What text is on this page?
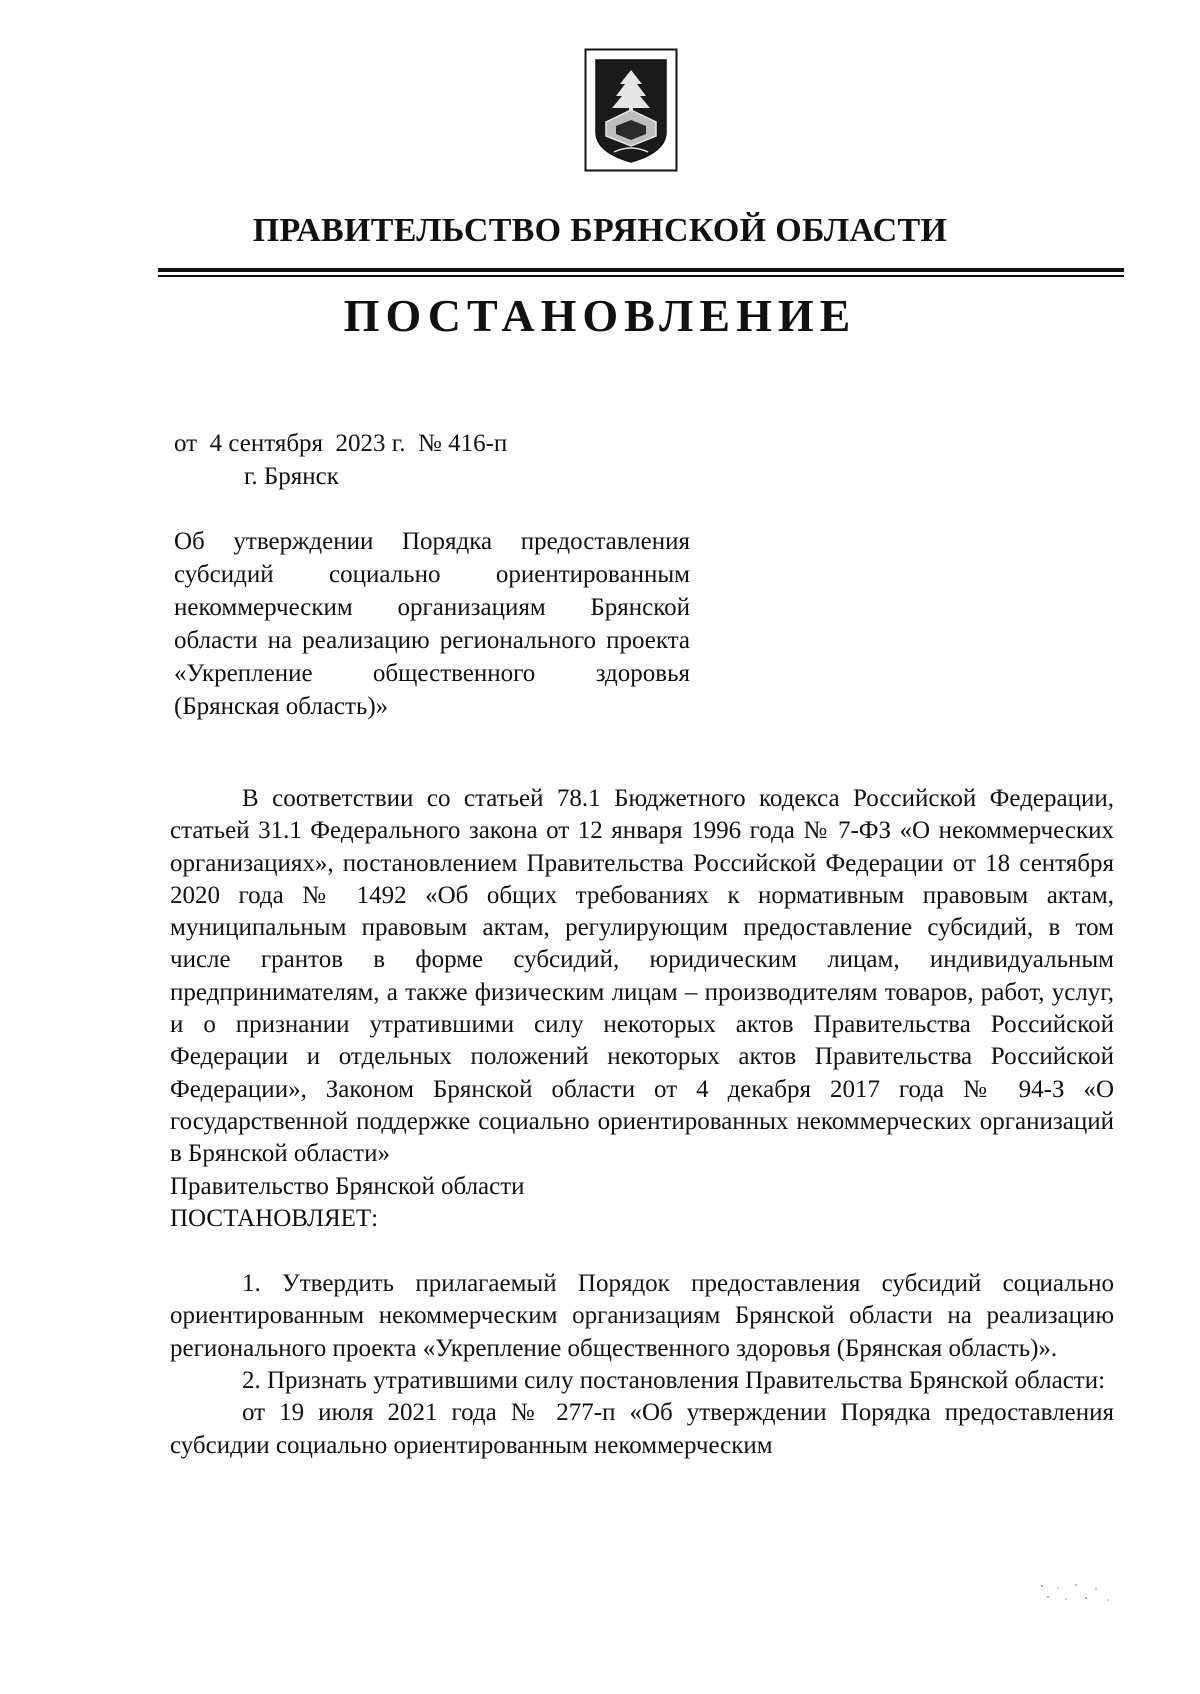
ПРАВИТЕЛЬСТВО БРЯНСКОЙ ОБЛАСТИ
ПОСТАНОВЛЕНИЕ
от  4 сентября  2023 г.  № 416-п
г. Брянск
Об утверждении Порядка предоставления субсидий социально ориентированным некоммерческим организациям Брянской области на реализацию регионального проекта «Укрепление общественного здоровья (Брянская область)»

В соответствии со статьей 78.1 Бюджетного кодекса Российской Федерации, статьей 31.1 Федерального закона от 12 января 1996 года № 7-ФЗ «О некоммерческих организациях», постановлением Правительства Российской Федерации от 18 сентября 2020 года № 1492 «Об общих требованиях к нормативным правовым актам, муниципальным правовым актам, регулирующим предоставление субсидий, в том числе грантов в форме субсидий, юридическим лицам, индивидуальным предпринимателям, а также физическим лицам – производителям товаров, работ, услуг, и о признании утратившими силу некоторых актов Правительства Российской Федерации и отдельных положений некоторых актов Правительства Российской Федерации», Законом Брянской области от 4 декабря 2017 года № 94-З «О государственной поддержке социально ориентированных некоммерческих организаций в Брянской области»

Правительство Брянской области

ПОСТАНОВЛЯЕТ:

1. Утвердить прилагаемый Порядок предоставления субсидий социально ориентированным некоммерческим организациям Брянской области на реализацию регионального проекта «Укрепление общественного здоровья (Брянская область)».

2. Признать утратившими силу постановления Правительства Брянской области:

от 19 июля 2021 года № 277-п «Об утверждении Порядка предоставления субсидии социально ориентированным некоммерческим
